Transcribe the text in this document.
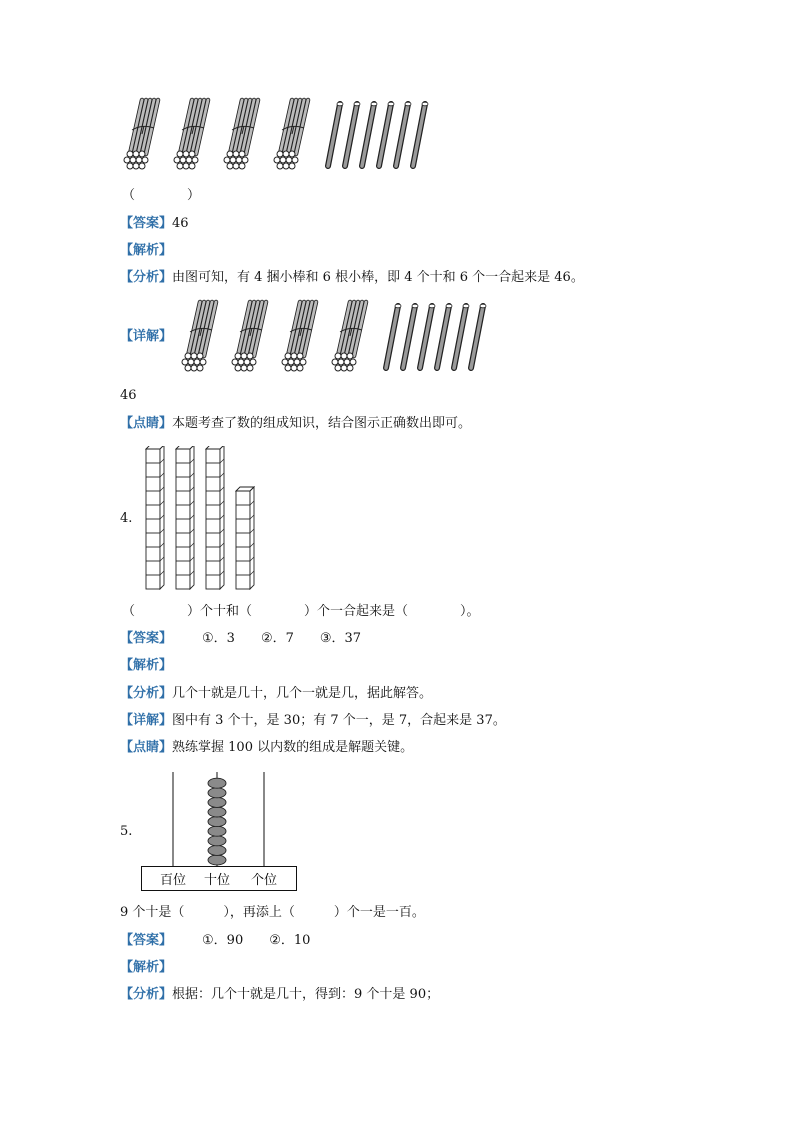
（　　　　）
【答案】46
【解析】
【分析】由图可知，有 4 捆小棒和 6 根小棒，即 4 个十和 6 个一合起来是 46。
【详解】
46
【点睛】本题考查了数的组成知识，结合图示正确数出即可。
4.
（　　　　）个十和（　　　　）个一合起来是（　　　　）。
【答案】 ①．3　　②．7　　③．37
【解析】
【分析】几个十就是几十，几个一就是几，据此解答。
【详解】图中有 3 个十，是 30；有 7 个一，是 7，合起来是 37。
【点睛】熟练掌握 100 以内数的组成是解题关键。
5.
百位 十位 个位
9 个十是（　　　），再添上（　　　）个一是一百。
【答案】 ①．90　　②．10
【解析】
【分析】根据：几个十就是几十，得到：9 个十是 90；
